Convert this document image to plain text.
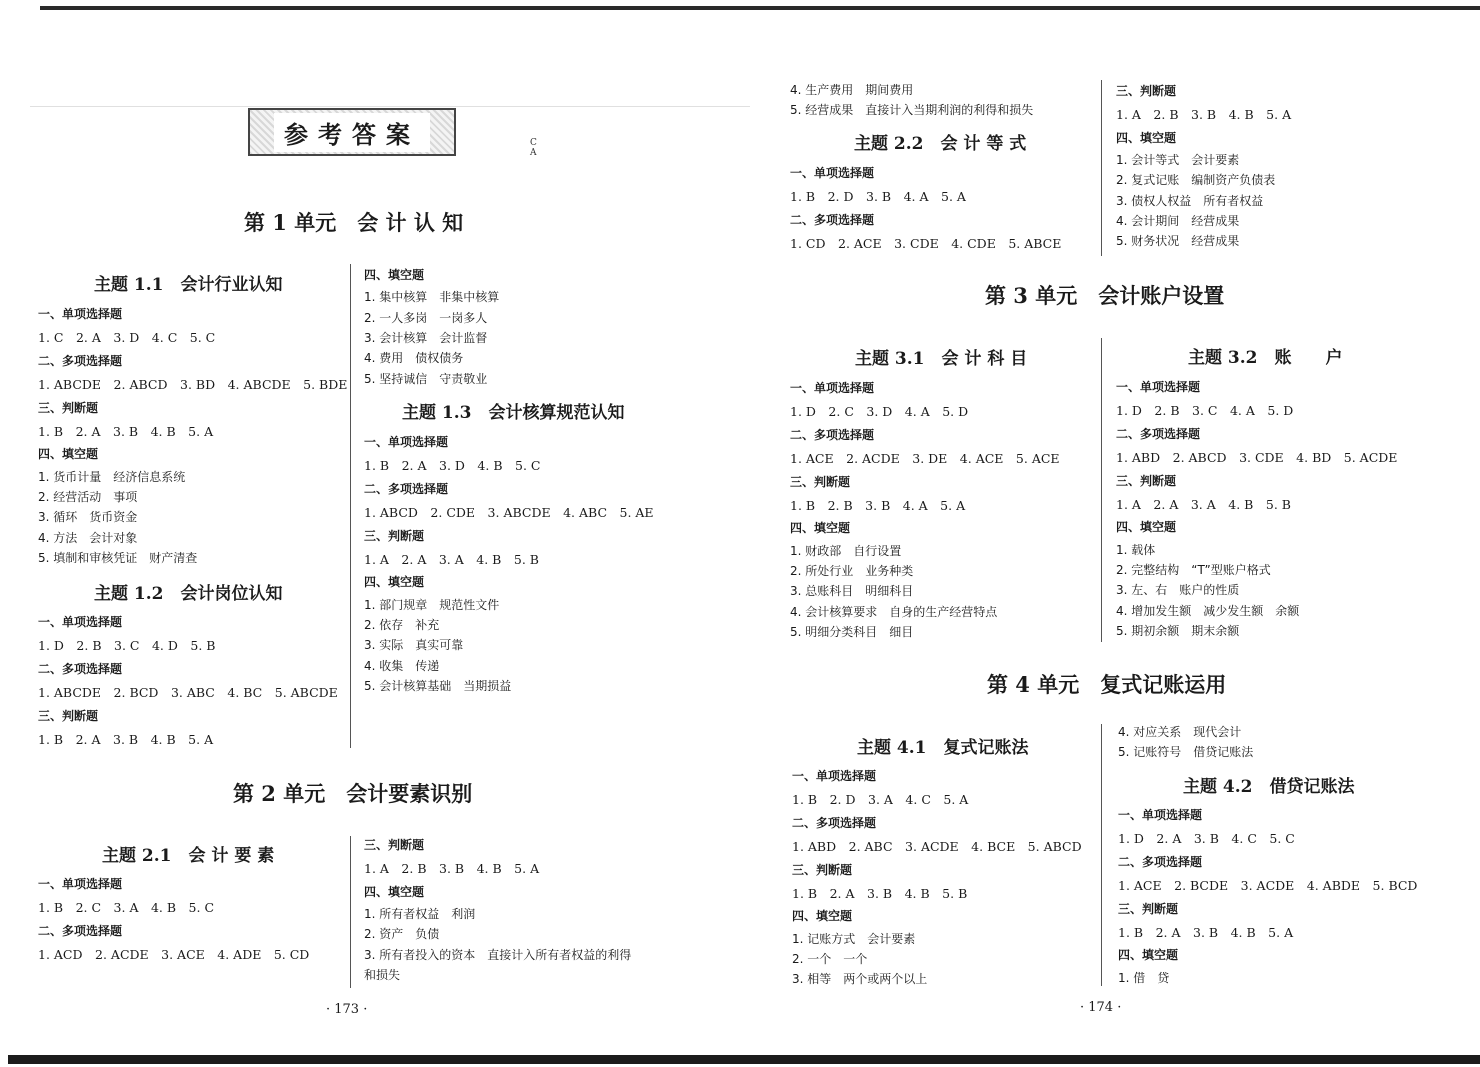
参考答案	C
A
第 1 单元　会 计 认 知
第 2 单元　会计要素识别
第 3 单元　会计账户设置
第 4 单元　复式记账运用
主题 1.1　会计行业认知
主题 1.2　会计岗位认知
主题 1.3　会计核算规范认知
主题 2.1　会 计 要 素
主题 2.2　会 计 等 式
主题 3.1　会 计 科 目	主题 3.2　账　　户
主题 4.1　复式记账法
主题 4.2　借贷记账法
一、单项选择题
1. C　2. A　3. D　4. C　5. C
二、多项选择题
1. ABCDE　2. ABCD　3. BD　4. ABCDE　5. BDE
三、判断题
1. B　2. A　3. B　4. B　5. A
四、填空题
1. 货币计量　经济信息系统
2. 经营活动　事项
3. 循环　货币资金
4. 方法　会计对象
5. 填制和审核凭证　财产清查
一、单项选择题
1. D　2. B　3. C　4. D　5. B
二、多项选择题
1. ABCDE　2. BCD　3. ABC　4. BC　5. ABCDE
三、判断题
1. B　2. A　3. B　4. B　5. A
四、填空题
1. 集中核算　非集中核算
2. 一人多岗　一岗多人
3. 会计核算　会计监督
4. 费用　债权债务
5. 坚持诚信　守责敬业
一、单项选择题
1. B　2. A　3. D　4. B　5. C
二、多项选择题
1. ABCD　2. CDE　3. ABCDE　4. ABC　5. AE
三、判断题
1. A　2. A　3. A　4. B　5. B
四、填空题
1. 部门规章　规范性文件
2. 依存　补充
3. 实际　真实可靠
4. 收集　传递
5. 会计核算基础　当期损益
一、单项选择题
1. B　2. C　3. A　4. B　5. C
二、多项选择题
1. ACD　2. ACDE　3. ACE　4. ADE　5. CD
三、判断题
1. A　2. B　3. B　4. B　5. A
四、填空题
1. 所有者权益　利润
2. 资产　负债
3. 所有者投入的资本　直接计入所有者权益的利得
和损失
4. 生产费用　期间费用
5. 经营成果　直接计入当期利润的利得和损失
一、单项选择题
1. B　2. D　3. B　4. A　5. A
二、多项选择题
1. CD　2. ACE　3. CDE　4. CDE　5. ABCE
三、判断题
1. A　2. B　3. B　4. B　5. A
四、填空题
1. 会计等式　会计要素
2. 复式记账　编制资产负债表
3. 债权人权益　所有者权益
4. 会计期间　经营成果
5. 财务状况　经营成果
一、单项选择题
1. D　2. C　3. D　4. A　5. D
二、多项选择题
1. ACE　2. ACDE　3. DE　4. ACE　5. ACE
三、判断题
1. B　2. B　3. B　4. A　5. A
四、填空题
1. 财政部　自行设置
2. 所处行业　业务种类
3. 总账科目　明细科目
4. 会计核算要求　自身的生产经营特点
5. 明细分类科目　细目
一、单项选择题
1. D　2. B　3. C　4. A　5. D
二、多项选择题
1. ABD　2. ABCD　3. CDE　4. BD　5. ACDE
三、判断题
1. A　2. A　3. A　4. B　5. B
四、填空题
1. 载体
2. 完整结构　“T”型账户格式
3. 左、右　账户的性质
4. 增加发生额　减少发生额　余额
5. 期初余额　期末余额
一、单项选择题
1. B　2. D　3. A　4. C　5. A
二、多项选择题
1. ABD　2. ABC　3. ACDE　4. BCE　5. ABCD
三、判断题
1. B　2. A　3. B　4. B　5. B
四、填空题
1. 记账方式　会计要素
2. 一个　一个
3. 相等　两个或两个以上
4. 对应关系　现代会计
5. 记账符号　借贷记账法
一、单项选择题
1. D　2. A　3. B　4. C　5. C
二、多项选择题
1. ACE　2. BCDE　3. ACDE　4. ABDE　5. BCD
三、判断题
1. B　2. A　3. B　4. B　5. A
四、填空题
1. 借　贷
· 173 ·	· 174 ·
